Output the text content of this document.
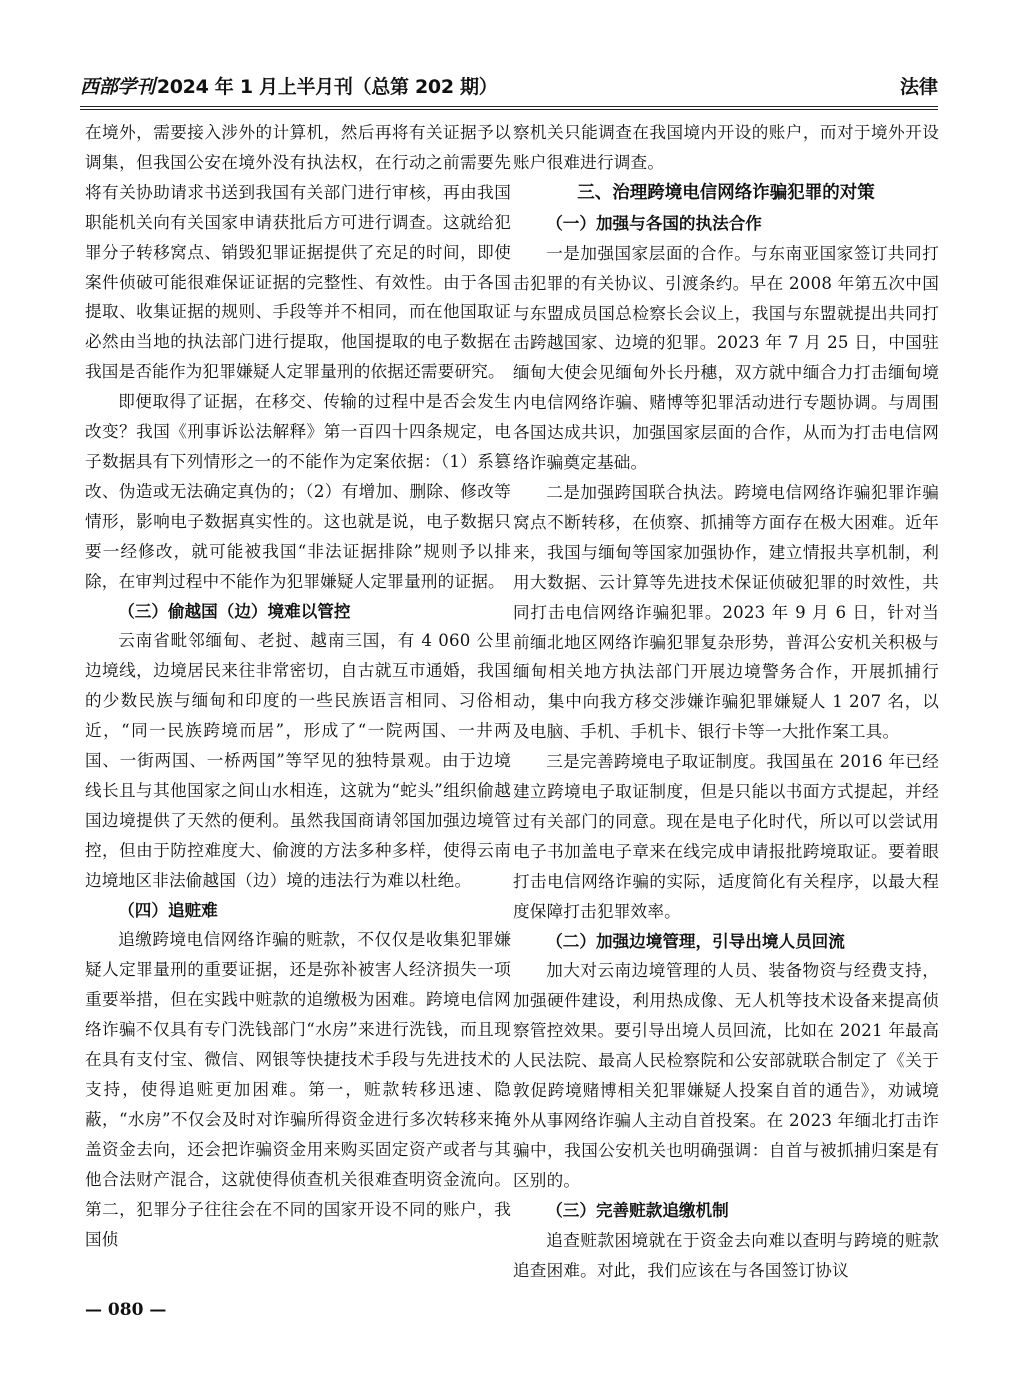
西部学刊 2024 年 1 月上半月刊（总第 202 期）	法律

在境外，需要接入涉外的计算机，然后再将有关证据予以调集，但我国公安在境外没有执法权，在行动之前需要先将有关协助请求书送到我国有关部门进行审核，再由我国职能机关向有关国家申请获批后方可进行调查。这就给犯罪分子转移窝点、销毁犯罪证据提供了充足的时间，即使案件侦破可能很难保证证据的完整性、有效性。由于各国提取、收集证据的规则、手段等并不相同，而在他国取证必然由当地的执法部门进行提取，他国提取的电子数据在我国是否能作为犯罪嫌疑人定罪量刑的依据还需要研究。

即便取得了证据，在移交、传输的过程中是否会发生改变？我国《刑事诉讼法解释》第一百四十四条规定，电子数据具有下列情形之一的不能作为定案依据：（1）系篡改、伪造或无法确定真伪的；（2）有增加、删除、修改等情形，影响电子数据真实性的。这也就是说，电子数据只要一经修改，就可能被我国“非法证据排除”规则予以排除，在审判过程中不能作为犯罪嫌疑人定罪量刑的证据。

（三）偷越国（边）境难以管控

云南省毗邻缅甸、老挝、越南三国，有 4 060 公里边境线，边境居民来往非常密切，自古就互市通婚，我国的少数民族与缅甸和印度的一些民族语言相同、习俗相近，“同一民族跨境而居”，形成了“一院两国、一井两国、一街两国、一桥两国”等罕见的独特景观。由于边境线长且与其他国家之间山水相连，这就为“蛇头”组织偷越国边境提供了天然的便利。虽然我国商请邻国加强边境管控，但由于防控难度大、偷渡的方法多种多样，使得云南边境地区非法偷越国（边）境的违法行为难以杜绝。

（四）追赃难

追缴跨境电信网络诈骗的赃款，不仅仅是收集犯罪嫌疑人定罪量刑的重要证据，还是弥补被害人经济损失一项重要举措，但在实践中赃款的追缴极为困难。跨境电信网络诈骗不仅具有专门洗钱部门“水房”来进行洗钱，而且现在具有支付宝、微信、网银等快捷技术手段与先进技术的支持，使得追赃更加困难。第一，赃款转移迅速、隐蔽，“水房”不仅会及时对诈骗所得资金进行多次转移来掩盖资金去向，还会把诈骗资金用来购买固定资产或者与其他合法财产混合，这就使得侦查机关很难查明资金流向。第二，犯罪分子往往会在不同的国家开设不同的账户，我国侦

察机关只能调查在我国境内开设的账户，而对于境外开设账户很难进行调查。

三、治理跨境电信网络诈骗犯罪的对策

（一）加强与各国的执法合作

一是加强国家层面的合作。与东南亚国家签订共同打击犯罪的有关协议、引渡条约。早在 2008 年第五次中国与东盟成员国总检察长会议上，我国与东盟就提出共同打击跨越国家、边境的犯罪。2023 年 7 月 25 日，中国驻缅甸大使会见缅甸外长丹穗，双方就中缅合力打击缅甸境内电信网络诈骗、赌博等犯罪活动进行专题协调。与周围各国达成共识，加强国家层面的合作，从而为打击电信网络诈骗奠定基础。

二是加强跨国联合执法。跨境电信网络诈骗犯罪诈骗窝点不断转移，在侦察、抓捕等方面存在极大困难。近年来，我国与缅甸等国家加强协作，建立情报共享机制，利用大数据、云计算等先进技术保证侦破犯罪的时效性，共同打击电信网络诈骗犯罪。2023 年 9 月 6 日，针对当前缅北地区网络诈骗犯罪复杂形势，普洱公安机关积极与缅甸相关地方执法部门开展边境警务合作，开展抓捕行动，集中向我方移交涉嫌诈骗犯罪嫌疑人 1 207 名，以及电脑、手机、手机卡、银行卡等一大批作案工具。

三是完善跨境电子取证制度。我国虽在 2016 年已经建立跨境电子取证制度，但是只能以书面方式提起，并经过有关部门的同意。现在是电子化时代，所以可以尝试用电子书加盖电子章来在线完成申请报批跨境取证。要着眼打击电信网络诈骗的实际，适度简化有关程序，以最大程度保障打击犯罪效率。

（二）加强边境管理，引导出境人员回流

加大对云南边境管理的人员、装备物资与经费支持，加强硬件建设，利用热成像、无人机等技术设备来提高侦察管控效果。要引导出境人员回流，比如在 2021 年最高人民法院、最高人民检察院和公安部就联合制定了《关于敦促跨境赌博相关犯罪嫌疑人投案自首的通告》，劝诫境外从事网络诈骗人主动自首投案。在 2023 年缅北打击诈骗中，我国公安机关也明确强调：自首与被抓捕归案是有区别的。

（三）完善赃款追缴机制

追查赃款困境就在于资金去向难以查明与跨境的赃款追查困难。对此，我们应该在与各国签订协议

— 080 —
